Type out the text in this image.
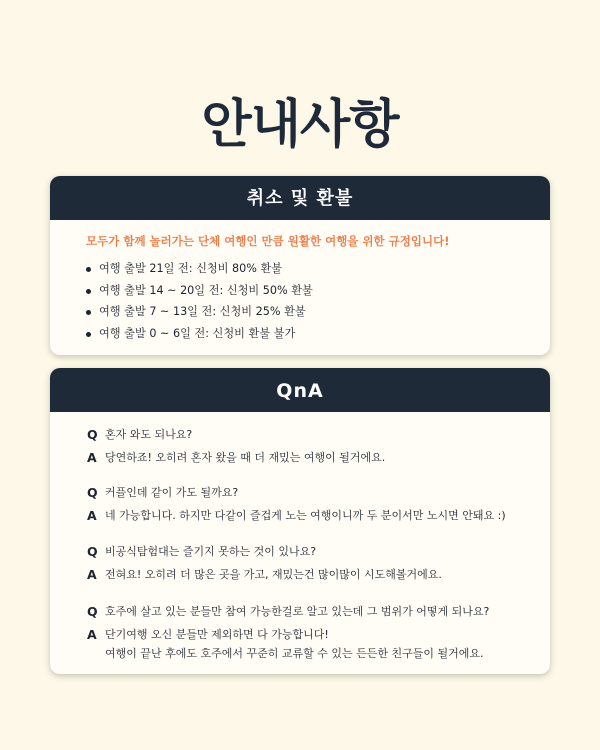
안내사항
취소 및 환불
모두가 함께 놀러가는 단체 여행인 만큼 원활한 여행을 위한 규정입니다!
여행 출발 21일 전: 신청비 80% 환불
여행 출발 14 ~ 20일 전: 신청비 50% 환불
여행 출발 7 ~ 13일 전: 신청비 25% 환불
여행 출발 0 ~ 6일 전: 신청비 환불 불가
QnA
Q 혼자 와도 되나요?
A 당연하죠! 오히려 혼자 왔을 때 더 재밌는 여행이 될거에요.
Q 커플인데 같이 가도 될까요?
A 네 가능합니다. 하지만 다같이 즐겁게 노는 여행이니까 두 분이서만 노시면 안돼요 :)
Q 비공식탐험대는 즐기지 못하는 것이 있나요?
A 전혀요! 오히려 더 많은 곳을 가고, 재밌는건 많이많이 시도해볼거에요.
Q 호주에 살고 있는 분들만 참여 가능한걸로 알고 있는데 그 범위가 어떻게 되나요?
A 단기여행 오신 분들만 제외하면 다 가능합니다!
여행이 끝난 후에도 호주에서 꾸준히 교류할 수 있는 든든한 친구들이 될거에요.
